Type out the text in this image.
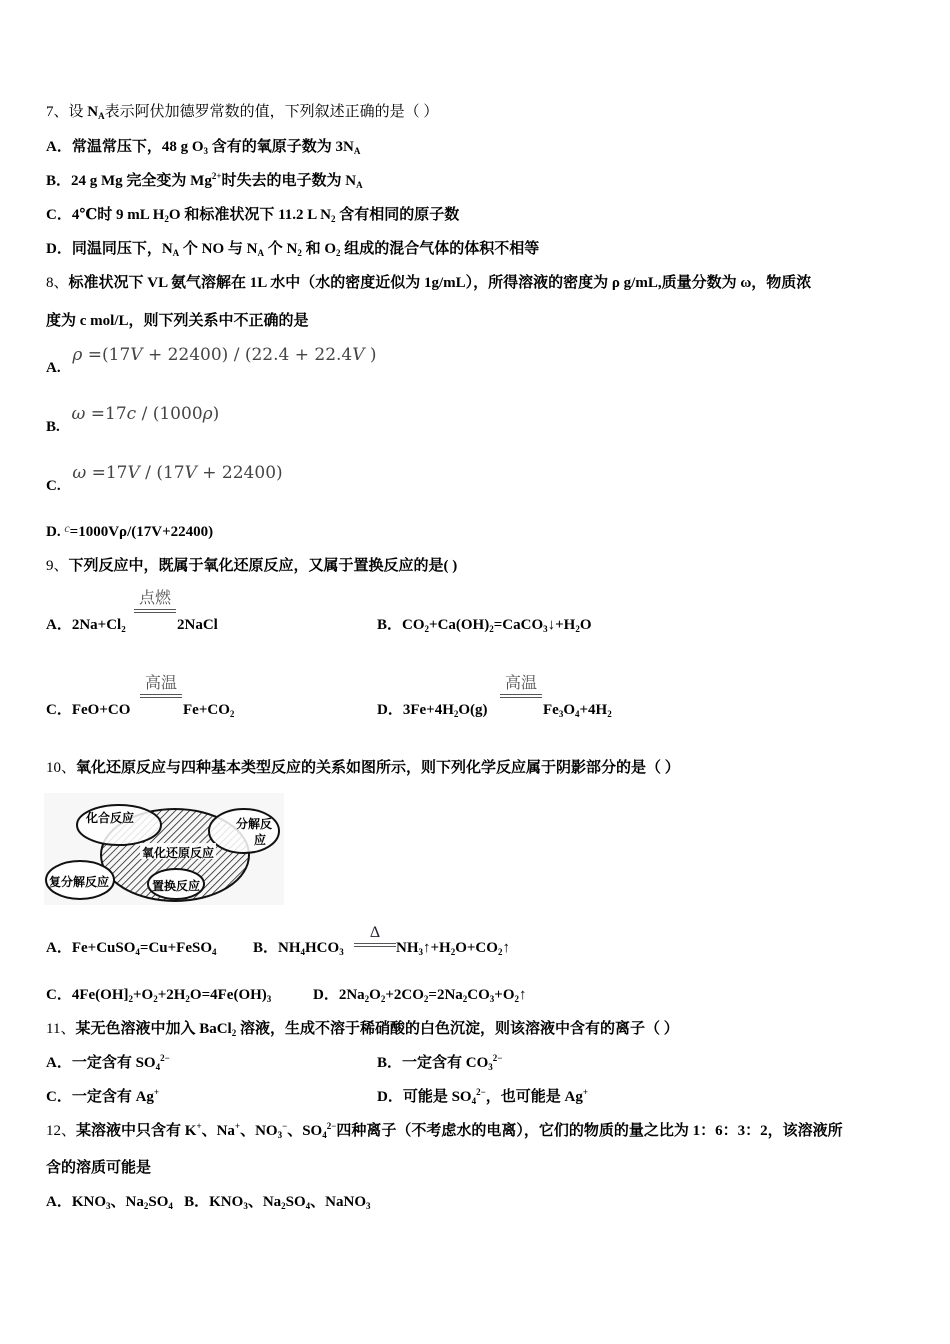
7、设 $N_A$表示阿伏加德罗常数的值，下列叙述正确的是（ ）
A．常温常压下，48 g $O_3$ 含有的氧原子数为 $3N_A$
B．24 g Mg 完全变为 $Mg^{2+}$时失去的电子数为 $N_A$
C．4℃时 9 mL $H_2O$ 和标准状况下 11.2 L $N_2$ 含有相同的原子数
D．同温同压下，$N_A$ 个 NO 与 $N_A$ 个 $N_2$ 和 $O_2$ 组成的混合气体的体积不相等
8、标准状况下 VL 氨气溶解在 1L 水中（水的密度近似为 1g/mL），所得溶液的密度为 ρ g/mL,质量分数为 ω，物质浓
度为 c mol/L，则下列关系中不正确的是
A. ρ =(17V + 22400) / (22.4 + 22.4V )
B. ω =17c / (1000ρ)
C. ω =17V / (17V + 22400)
D. $^c$=1000Vρ/(17V+22400)
9、下列反应中，既属于氧化还原反应，又属于置换反应的是( )
A．2Na+Cl₂
点燃
2NaCl	B．$CO_2+Ca(OH)_2=CaCO_3↓+H_2O$
C．FeO+CO
高温
$Fe+CO_2$	D．$3Fe+4H_2O(g)$
高温
$Fe_3O_4+4H_2$
10、氧化还原反应与四种基本类型反应的关系如图所示，则下列化学反应属于阴影部分的是（ ）
化合反应	分解反
应
氧化还原反应
复分解反应	置换反应
A．Fe+CuSO$_4$=Cu+FeSO$_4$ B．$NH_4HCO_3$
Δ
$NH_3↑+H_2O+CO_2↑$
C．$4Fe(OH]_2+O_2+2H_2O=4Fe(OH)_3$	D．$2Na_2O_2+2CO_2=2Na_2CO_3+O_2↑$
11、某无色溶液中加入 BaCl$_2$ 溶液，生成不溶于稀硝酸的白色沉淀，则该溶液中含有的离子（ ）
A．一定含有 $SO_4^{2-}$	B．一定含有 $CO_3^{2-}$
C．一定含有 Ag+	D．可能是 $SO_4^{2-}$，也可能是 Ag+
12、某溶液中只含有 K+、Na+、$NO_3^-$、$SO_4^{2-}$四种离子（不考虑水的电离），它们的物质的量之比为 1：6：3：2，该溶液所
含的溶质可能是
A．$KNO_3$、$Na_2SO_4$   B．$KNO_3$、$Na_2SO_4$、NaNO$_3$
